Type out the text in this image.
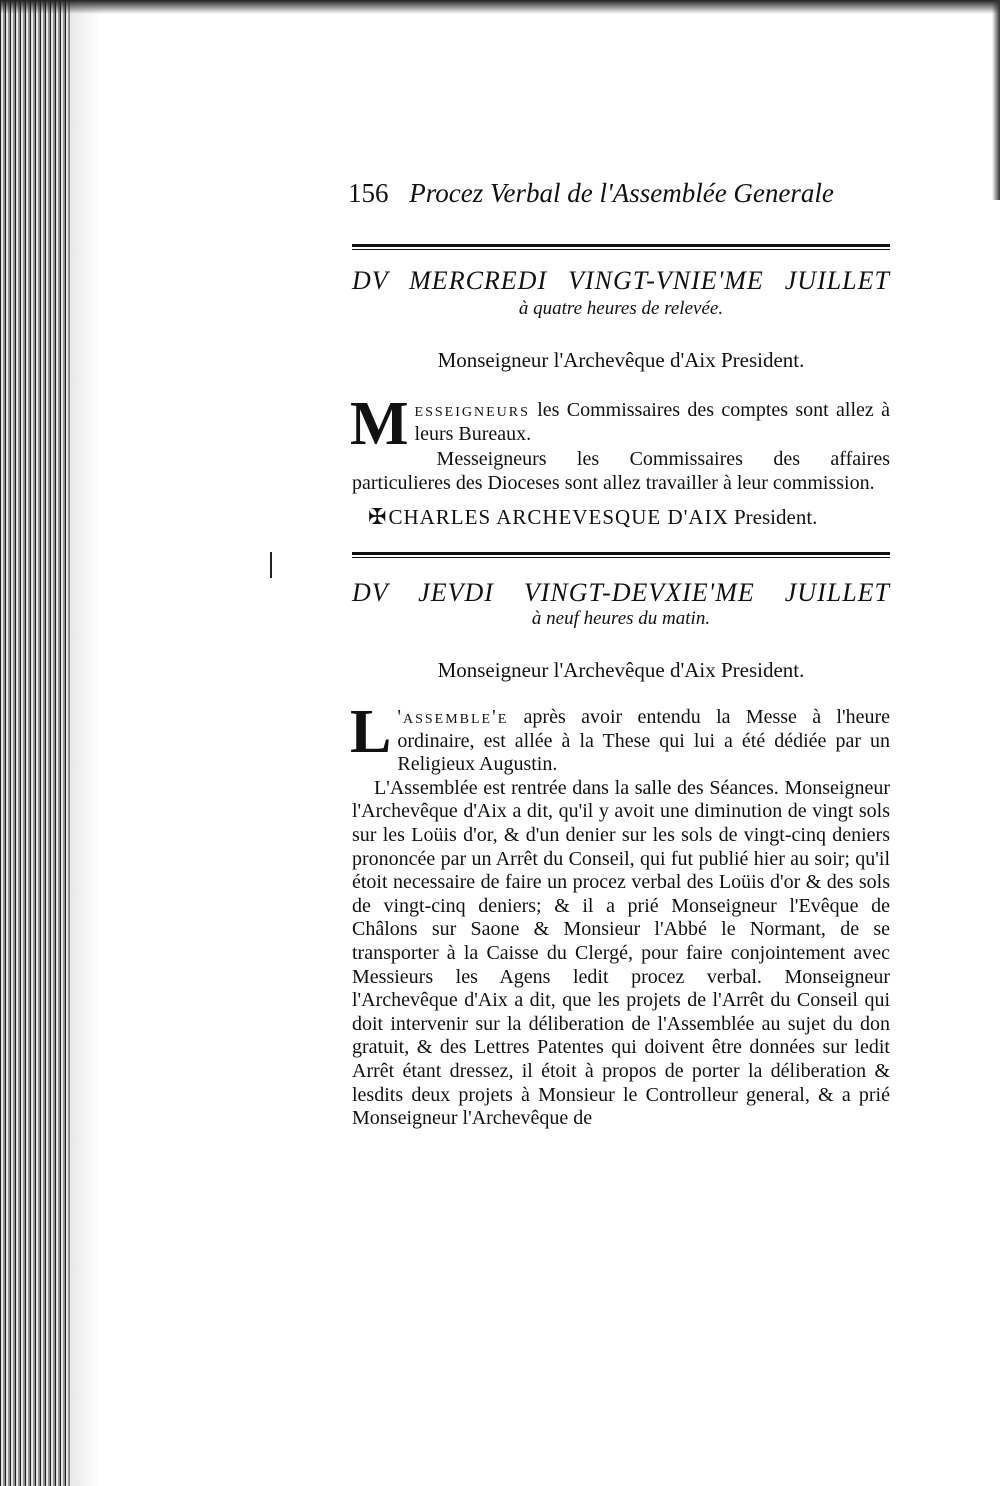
156 Procez Verbal de l'Assemblée Generale
DV MERCREDI VINGT-VNIE'ME JUILLET
à quatre heures de relevée.
Monseigneur l'Archevêque d'Aix President.

Messeigneurs les Commissaires des comptes sont allez à leurs Bureaux.

Messeigneurs les Commissaires des affaires particulieres des Dioceses sont allez travailler à leur commission.

✠CHARLES ARCHEVESQUE D'AIX President.
DV JEVDI VINGT-DEVXIE'ME JUILLET
à neuf heures du matin.
Monseigneur l'Archevêque d'Aix President.

L 'assemble'e après avoir entendu la Messe à l'heure ordinaire, est allée à la These qui lui a été dédiée par un Religieux Augustin.

L'Assemblée est rentrée dans la salle des Séances. Monseigneur l'Archevêque d'Aix a dit, qu'il y avoit une diminution de vingt sols sur les Loüis d'or, & d'un denier sur les sols de vingt-cinq deniers prononcée par un Arrêt du Conseil, qui fut publié hier au soir; qu'il étoit necessaire de faire un procez verbal des Loüis d'or & des sols de vingt-cinq deniers; & il a prié Monseigneur l'Evêque de Châlons sur Saone & Monsieur l'Abbé le Normant, de se transporter à la Caisse du Clergé, pour faire conjointement avec Messieurs les Agens ledit procez verbal. Monseigneur l'Archevêque d'Aix a dit, que les projets de l'Arrêt du Conseil qui doit intervenir sur la déliberation de l'Assemblée au sujet du don gratuit, & des Lettres Patentes qui doivent être données sur ledit Arrêt étant dressez, il étoit à propos de porter la déliberation & lesdits deux projets à Monsieur le Controlleur general, & a prié Monseigneur l'Archevêque de
